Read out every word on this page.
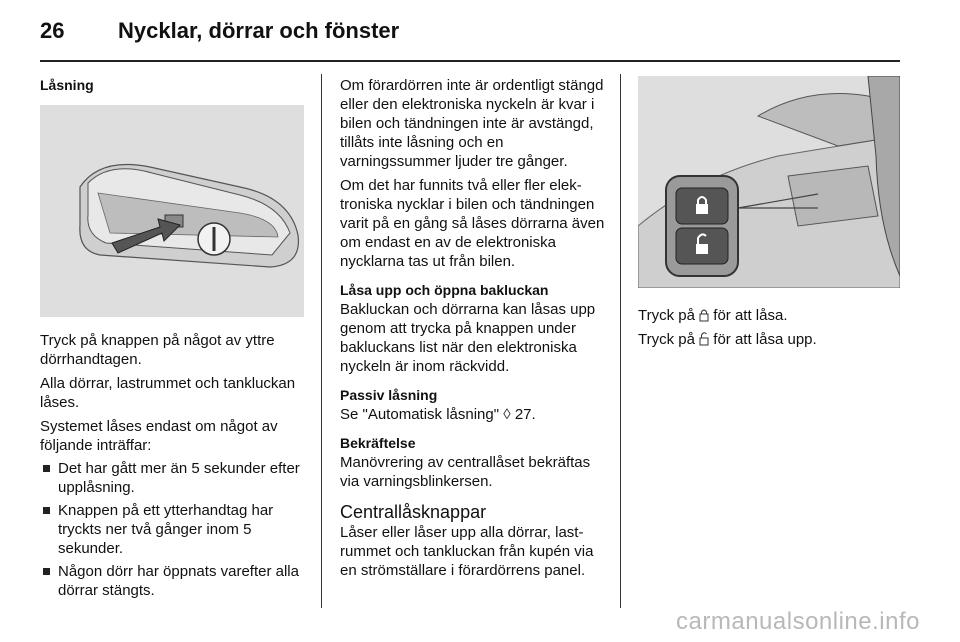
26 Nycklar, dörrar och fönster

Låsning

Tryck på knappen på något av yttre dörrhandtagen.

Alla dörrar, lastrummet och tankluckan låses.

Systemet låses endast om något av följande inträffar:

Det har gått mer än 5 sekunder efter upplåsning.
Knappen på ett ytterhandtag har tryckts ner två gånger inom 5 sekunder.
Någon dörr har öppnats varefter alla dörrar stängts.

Om förardörren inte är ordentligt stängd eller den elektroniska nyckeln är kvar i bilen och tändningen inte är avstängd, tillåts inte låsning och en varningssummer ljuder tre gånger.

Om det har funnits två eller fler elektroniska nycklar i bilen och tändningen varit på en gång så låses dörrarna även om endast en av de elektroniska nycklarna tas ut från bilen.

Låsa upp och öppna bakluckan

Bakluckan och dörrarna kan låsas upp genom att trycka på knappen under bakluckans list när den elektroniska nyckeln är inom räckvidd.

Passiv låsning

Se "Automatisk låsning" ◊ 27.

Bekräftelse

Manövrering av centrallåset bekräftas via varningsblinkersen.

Centrallåsknappar

Låser eller låser upp alla dörrar, lastrummet och tankluckan från kupén via en strömställare i förardörrens panel.

Tryck på  för att låsa.

Tryck på  för att låsa upp.

carmanualsonline.info
